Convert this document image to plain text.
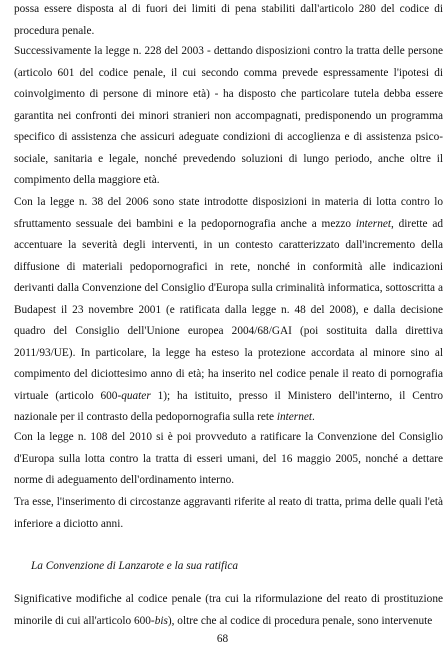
possa essere disposta al di fuori dei limiti di pena stabiliti dall'articolo 280 del codice di procedura penale.

Successivamente la legge n. 228 del 2003 - dettando disposizioni contro la tratta delle persone (articolo 601 del codice penale, il cui secondo comma prevede espressamente l'ipotesi di coinvolgimento di persone di minore età) - ha disposto che particolare tutela debba essere garantita nei confronti dei minori stranieri non accompagnati, predisponendo un programma specifico di assistenza che assicuri adeguate condizioni di accoglienza e di assistenza psico-sociale, sanitaria e legale, nonché prevedendo soluzioni di lungo periodo, anche oltre il compimento della maggiore età.

Con la legge n. 38 del 2006 sono state introdotte disposizioni in materia di lotta contro lo sfruttamento sessuale dei bambini e la pedopornografia anche a mezzo internet, dirette ad accentuare la severità degli interventi, in un contesto caratterizzato dall'incremento della diffusione di materiali pedopornografici in rete, nonché in conformità alle indicazioni derivanti dalla Convenzione del Consiglio d'Europa sulla criminalità informatica, sottoscritta a Budapest il 23 novembre 2001 (e ratificata dalla legge n. 48 del 2008), e dalla decisione quadro del Consiglio dell'Unione europea 2004/68/GAI (poi sostituita dalla direttiva 2011/93/UE). In particolare, la legge ha esteso la protezione accordata al minore sino al compimento del diciottesimo anno di età; ha inserito nel codice penale il reato di pornografia virtuale (articolo 600-quater 1); ha istituito, presso il Ministero dell'interno, il Centro nazionale per il contrasto della pedopornografia sulla rete internet.

Con la legge n. 108 del 2010 si è poi provveduto a ratificare la Convenzione del Consiglio d'Europa sulla lotta contro la tratta di esseri umani, del 16 maggio 2005, nonché a dettare norme di adeguamento dell'ordinamento interno.

Tra esse, l'inserimento di circostanze aggravanti riferite al reato di tratta, prima delle quali l'età inferiore a diciotto anni.

La Convenzione di Lanzarote e la sua ratifica

Significative modifiche al codice penale (tra cui la riformulazione del reato di prostituzione minorile di cui all'articolo 600-bis), oltre che al codice di procedura penale, sono intervenute

68
